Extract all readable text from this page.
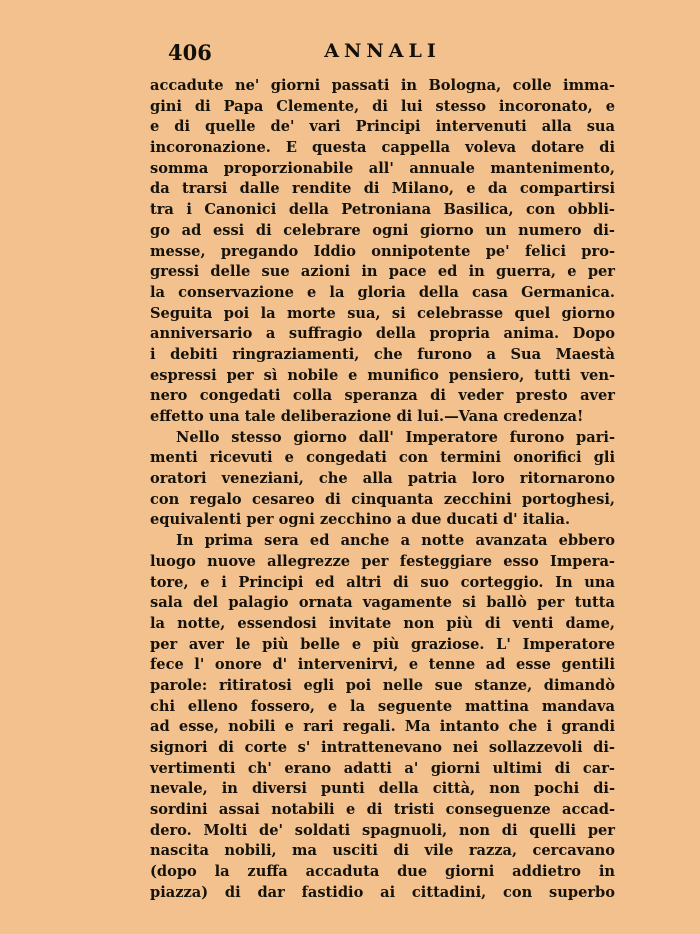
406	ANNALI
accadute ne' giorni passati in Bologna, colle imma-
gini di Papa Clemente, di lui stesso incoronato, e
e di quelle de' vari Principi intervenuti alla sua
incoronazione. E questa cappella voleva dotare di
somma proporzionabile all' annuale mantenimento,
da trarsi dalle rendite di Milano, e da compartirsi
tra i Canonici della Petroniana Basilica, con obbli-
go ad essi di celebrare ogni giorno un numero di-
messe, pregando Iddio onnipotente pe' felici pro-
gressi delle sue azioni in pace ed in guerra, e per
la conservazione e la gloria della casa Germanica.
Seguita poi la morte sua, si celebrasse quel giorno
anniversario a suffragio della propria anima. Dopo
i debiti ringraziamenti, che furono a Sua Maestà
espressi per sì nobile e munifico pensiero, tutti ven-
nero congedati colla speranza di veder presto aver
effetto una tale deliberazione di lui.—Vana credenza!
Nello stesso giorno dall' Imperatore furono pari-
menti ricevuti e congedati con termini onorifici gli
oratori veneziani, che alla patria loro ritornarono
con regalo cesareo di cinquanta zecchini portoghesi,
equivalenti per ogni zecchino a due ducati d' italia.
In prima sera ed anche a notte avanzata ebbero
luogo nuove allegrezze per festeggiare esso Impera-
tore, e i Principi ed altri di suo corteggio. In una
sala del palagio ornata vagamente si ballò per tutta
la notte, essendosi invitate non più di venti dame,
per aver le più belle e più graziose. L' Imperatore
fece l' onore d' intervenirvi, e tenne ad esse gentili
parole: ritiratosi egli poi nelle sue stanze, dimandò
chi elleno fossero, e la seguente mattina mandava
ad esse, nobili e rari regali. Ma intanto che i grandi
signori di corte s' intrattenevano nei sollazzevoli di-
vertimenti ch' erano adatti a' giorni ultimi di car-
nevale, in diversi punti della città, non pochi di-
sordini assai notabili e di tristi conseguenze accad-
dero. Molti de' soldati spagnuoli, non di quelli per
nascita nobili, ma usciti di vile razza, cercavano
(dopo la zuffa accaduta due giorni addietro in
piazza) di dar fastidio ai cittadini, con superbo
